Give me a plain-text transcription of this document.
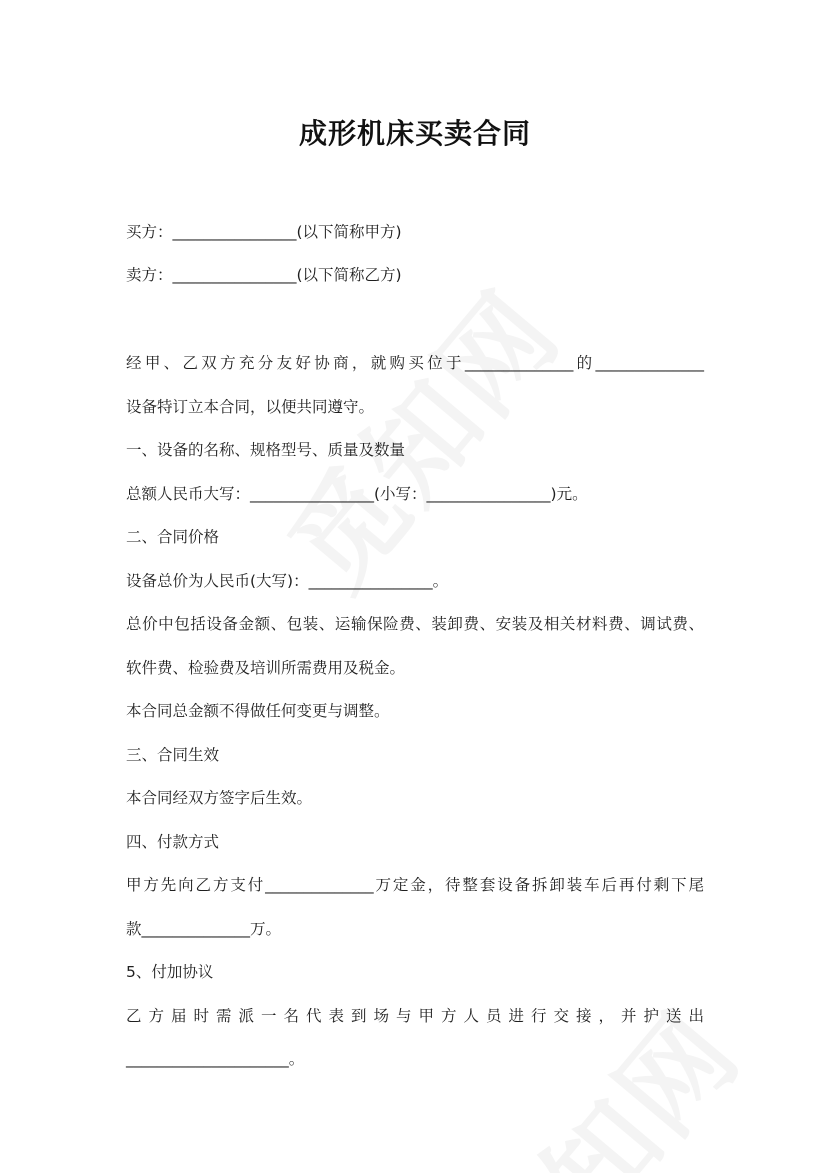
成形机床买卖合同

买方：________________(以下简称甲方)

卖方：________________(以下简称乙方)

经甲、乙双方充分友好协商，就购买位于______________的______________

设备特订立本合同，以便共同遵守。

一、设备的名称、规格型号、质量及数量

总额人民币大写：________________(小写：________________)元。

二、合同价格

设备总价为人民币(大写)：________________。

总价中包括设备金额、包装、运输保险费、装卸费、安装及相关材料费、调试费、

软件费、检验费及培训所需费用及税金。

本合同总金额不得做任何变更与调整。

三、合同生效

本合同经双方签字后生效。

四、付款方式

甲方先向乙方支付______________万定金，待整套设备拆卸装车后再付剩下尾

款______________万。

5、付加协议

乙方届时需派一名代表到场与甲方人员进行交接，并护送出

_____________________。
